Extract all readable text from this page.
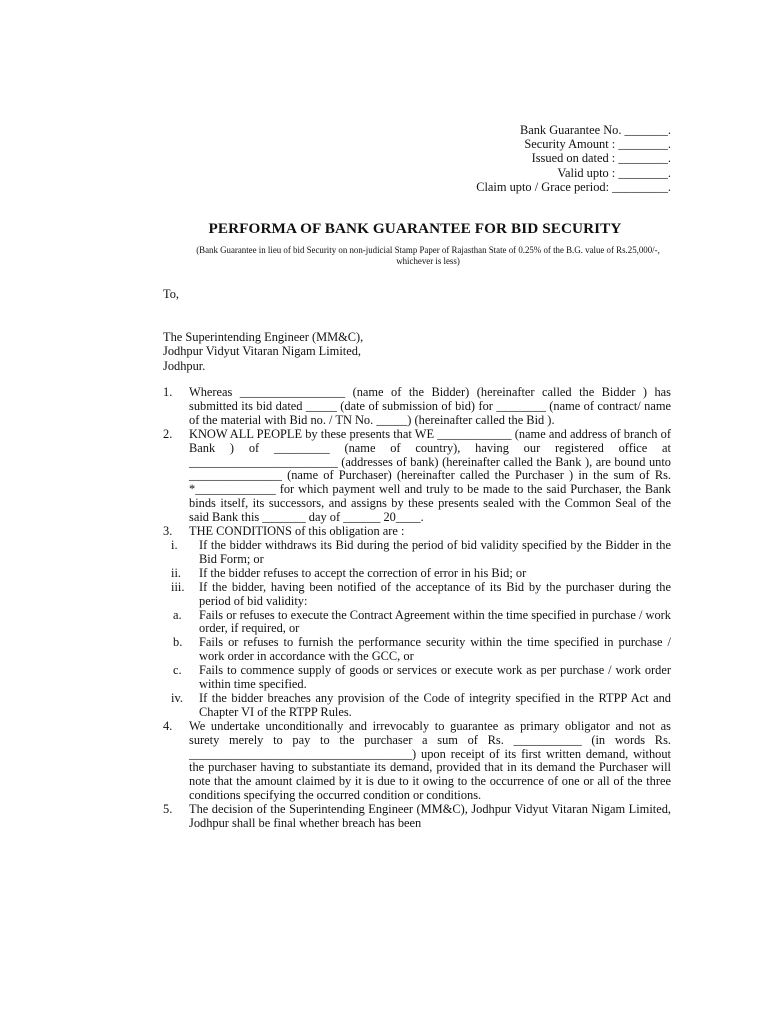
Bank Guarantee No. _______.
Security Amount : ________.
Issued on dated : ________.
Valid upto : ________.
Claim upto / Grace period: _________.
PERFORMA OF BANK GUARANTEE FOR BID SECURITY
(Bank Guarantee in lieu of bid Security on non-judicial Stamp Paper of Rajasthan State of 0.25% of the B.G. value of Rs.25,000/-, whichever is less)
To,
The Superintending Engineer (MM&C),
Jodhpur Vidyut Vitaran Nigam Limited,
Jodhpur.
1. Whereas _________________ (name of the Bidder) (hereinafter called the Bidder ) has submitted its bid dated _____ (date of submission of bid) for ________ (name of contract/ name of the material with Bid no. / TN No. _____) (hereinafter called the Bid ).
2. KNOW ALL PEOPLE by these presents that WE ____________ (name and address of branch of Bank ) of _________ (name of country), having our registered office at ________________________ (addresses of bank) (hereinafter called the Bank ), are bound unto _______________ (name of Purchaser) (hereinafter called the Purchaser ) in the sum of Rs. *_____________ for which payment well and truly to be made to the said Purchaser, the Bank binds itself, its successors, and assigns by these presents sealed with the Common Seal of the said Bank this _______ day of ______ 20____.
3. THE CONDITIONS of this obligation are :
i. If the bidder withdraws its Bid during the period of bid validity specified by the Bidder in the Bid Form; or
ii. If the bidder refuses to accept the correction of error in his Bid; or
iii. If the bidder, having been notified of the acceptance of its Bid by the purchaser during the period of bid validity:
a. Fails or refuses to execute the Contract Agreement within the time specified in purchase / work order, if required, or
b. Fails or refuses to furnish the performance security within the time specified in purchase / work order in accordance with the GCC, or
c. Fails to commence supply of goods or services or execute work as per purchase / work order within time specified.
iv. If the bidder breaches any provision of the Code of integrity specified in the RTPP Act and Chapter VI of the RTPP Rules.
4. We undertake unconditionally and irrevocably to guarantee as primary obligator and not as surety merely to pay to the purchaser a sum of Rs. ___________ (in words Rs. ____________________________________) upon receipt of its first written demand, without the purchaser having to substantiate its demand, provided that in its demand the Purchaser will note that the amount claimed by it is due to it owing to the occurrence of one or all of the three conditions specifying the occurred condition or conditions.
5. The decision of the Superintending Engineer (MM&C), Jodhpur Vidyut Vitaran Nigam Limited, Jodhpur shall be final whether breach has been
